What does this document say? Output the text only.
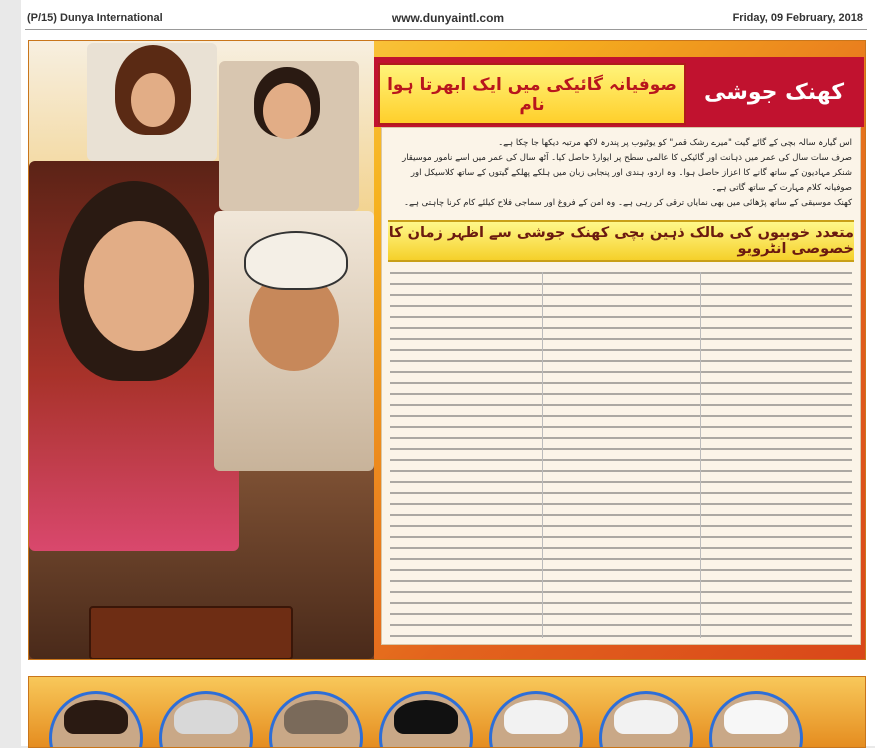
(P/15) Dunya International	www.dunyaintl.com	Friday, 09 February, 2018
صوفیانہ گائیکی میں ایک ابھرتا ہوا نام	کھنک جوشی

اس گیارہ سالہ بچی کے گائے گیت "میرے رشک قمر" کو یوٹیوب پر پندرہ لاکھ مرتبہ دیکھا جا چکا ہے۔

صرف سات سال کی عمر میں ذہانت اور گائیکی کا عالمی سطح پر ایوارڈ حاصل کیا۔ آٹھ سال کی عمر میں اسے نامور موسیقار شنکر مہادیون کے ساتھ گانے کا اعزاز حاصل ہوا۔ وہ اردو، ہندی اور پنجابی زبان میں ہلکے پھلکے گیتوں کے ساتھ کلاسیکل اور صوفیانہ کلام مہارت کے ساتھ گاتی ہے۔

کھنک موسیقی کے ساتھ پڑھائی میں بھی نمایاں ترقی کر رہی ہے۔ وہ امن کے فروغ اور سماجی فلاح کیلئے کام کرنا چاہتی ہے۔

متعدد خوبیوں کی مالک ذہین بچی کھنک جوشی سے اظہر زمان کا خصوصی انٹرویو
